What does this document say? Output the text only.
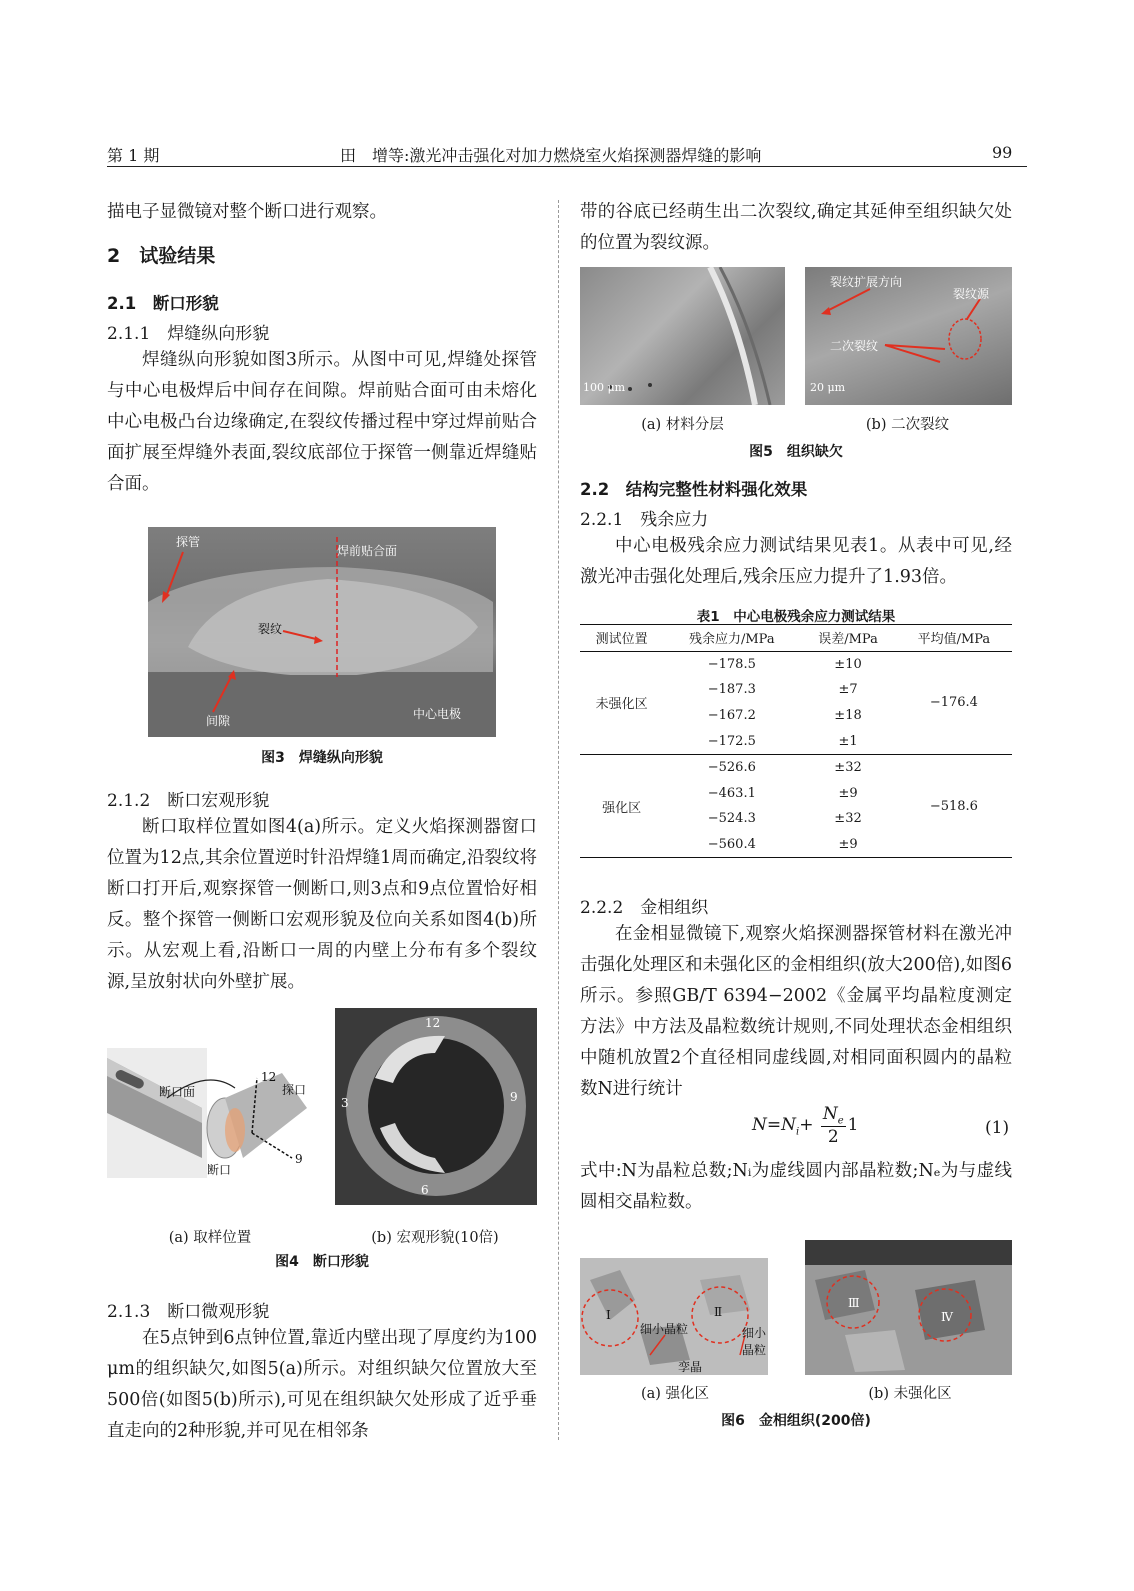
第 1 期	田　增等:激光冲击强化对加力燃烧室火焰探测器焊缝的影响	99
描电子显微镜对整个断口进行观察。
2　试验结果
2.1　断口形貌
2.1.1　焊缝纵向形貌
焊缝纵向形貌如图3所示。从图中可见,焊缝处探管与中心电极焊后中间存在间隙。焊前贴合面可由未熔化中心电极凸台边缘确定,在裂纹传播过程中穿过焊前贴合面扩展至焊缝外表面,裂纹底部位于探管一侧靠近焊缝贴合面。
探管
焊前贴合面
裂纹
间隙	中心电极
图3　焊缝纵向形貌
2.1.2　断口宏观形貌
断口取样位置如图4(a)所示。定义火焰探测器窗口位置为12点,其余位置逆时针沿焊缝1周而确定,沿裂纹将断口打开后,观察探管一侧断口,则3点和9点位置恰好相反。整个探管一侧断口宏观形貌及位向关系如图4(b)所示。从宏观上看,沿断口一周的内壁上分布有多个裂纹源,呈放射状向外壁扩展。
断口面	探口
断口
12
9
12
3	9
6
(a) 取样位置	(b) 宏观形貌(10倍)
图4　断口形貌
2.1.3　断口微观形貌
在5点钟到6点钟位置,靠近内壁出现了厚度约为100 μm的组织缺欠,如图5(a)所示。对组织缺欠位置放大至500倍(如图5(b)所示),可见在组织缺欠处形成了近乎垂直走向的2种形貌,并可见在相邻条
带的谷底已经萌生出二次裂纹,确定其延伸至组织缺欠处的位置为裂纹源。
100 μm
裂纹扩展方向
裂纹源
二次裂纹
20 μm
(a) 材料分层	(b) 二次裂纹
图5　组织缺欠
2.2　结构完整性材料强化效果
2.2.1　残余应力
中心电极残余应力测试结果见表1。从表中可见,经激光冲击强化处理后,残余压应力提升了1.93倍。
表1　中心电极残余应力测试结果
测试位置	残余应力/MPa	误差/MPa	平均值/MPa
未强化区	−178.5	±10	−176.4
	−187.3	±7	
	−167.2	±18	
	−172.5	±1	
强化区	−526.6	±32	−518.6
	−463.1	±9	
	−524.3	±32	
	−560.4	±9	
2.2.2　金相组织
在金相显微镜下,观察火焰探测器探管材料在激光冲击强化处理区和未强化区的金相组织(放大200倍),如图6所示。参照GB/T 6394−2002《金属平均晶粒度测定方法》中方法及晶粒数统计规则,不同处理状态金相组织中随机放置2个直径相同虚线圆,对相同面积圆内的晶粒数N进行统计
$N=N_i+ \frac{N_e}{2} 1$	(1)
式中:N为晶粒总数;Nᵢ为虚线圆内部晶粒数;Nₑ为与虚线圆相交晶粒数。
Ⅰ	Ⅱ
细小晶粒	细小晶粒
孪晶
Ⅲ
Ⅳ
(a) 强化区	(b) 未强化区
图6　金相组织(200倍)
